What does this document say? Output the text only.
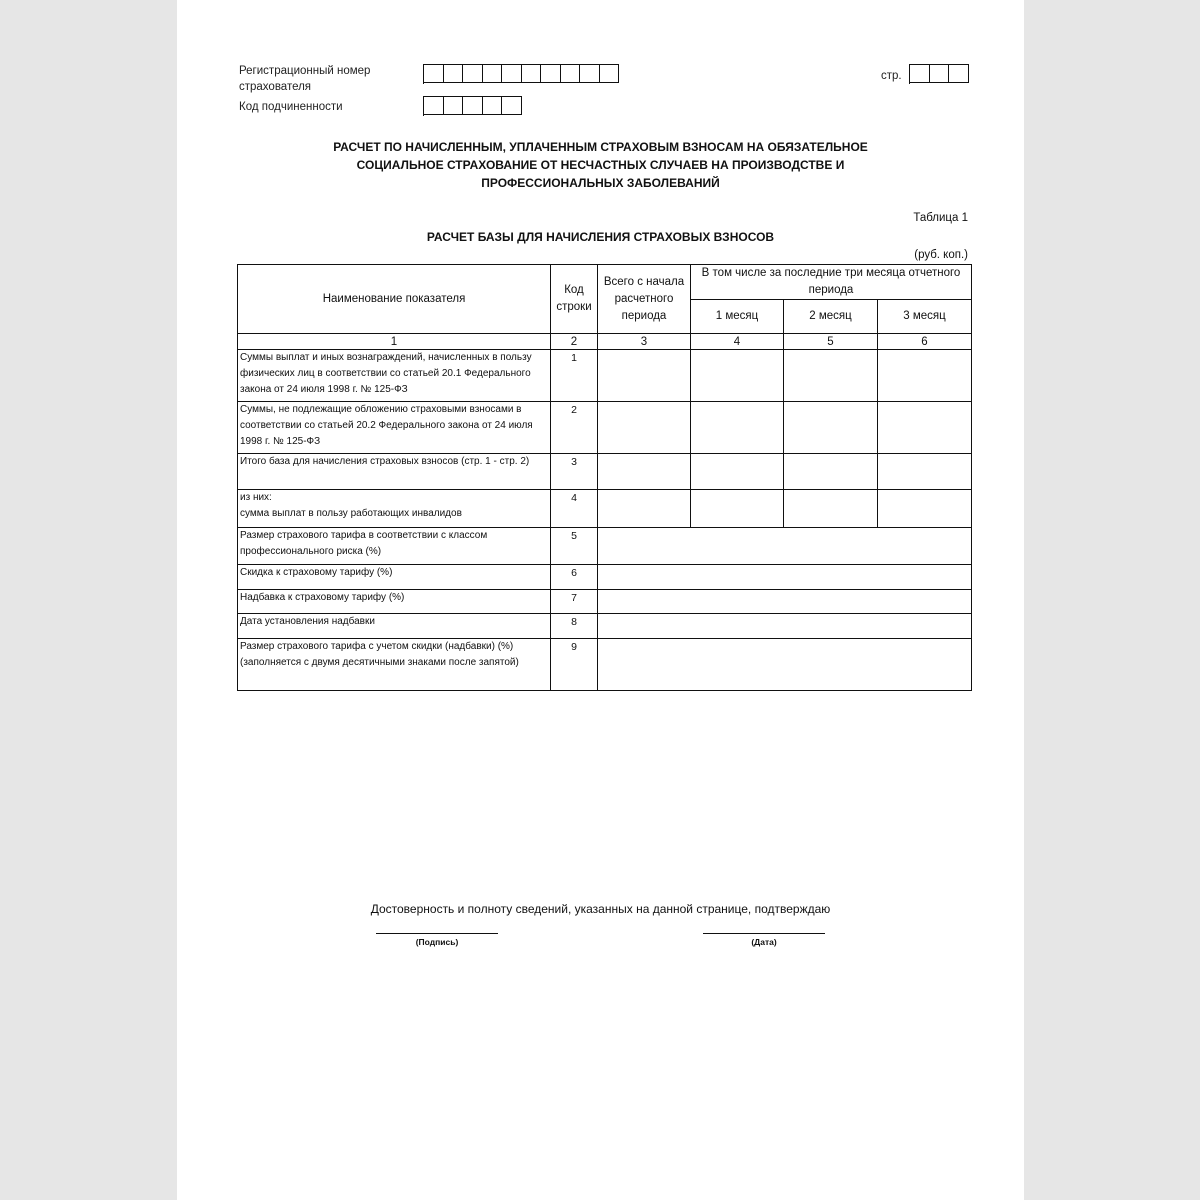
Регистрационный номер страхователя
Код подчиненности
стр.
РАСЧЕТ ПО НАЧИСЛЕННЫМ, УПЛАЧЕННЫМ СТРАХОВЫМ ВЗНОСАМ НА ОБЯЗАТЕЛЬНОЕ
СОЦИАЛЬНОЕ СТРАХОВАНИЕ ОТ НЕСЧАСТНЫХ СЛУЧАЕВ НА ПРОИЗВОДСТВЕ И
ПРОФЕССИОНАЛЬНЫХ ЗАБОЛЕВАНИЙ
Таблица 1
РАСЧЕТ БАЗЫ ДЛЯ НАЧИСЛЕНИЯ СТРАХОВЫХ ВЗНОСОВ
(руб. коп.)
Наименование показателя	Код строки	Всего с начала расчетного периода	В том числе за последние три месяца отчетного периода		
			1 месяц	2 месяц	3 месяц
1	2	3	4	5	6
Суммы выплат и иных вознаграждений, начисленных в пользу физических лиц в соответствии со статьей 20.1 Федерального закона от 24 июля 1998 г. № 125-ФЗ	1				
Суммы, не подлежащие обложению страховыми взносами в соответствии со статьей 20.2 Федерального закона от 24 июля 1998 г. № 125-ФЗ	2				
Итого база для начисления страховых взносов (стр. 1 - стр. 2)	3				

из них:
сумма выплат в пользу работающих инвалидов	4				
Размер страхового тарифа в соответствии с классом профессионального риска (%)	5				
Скидка к страховому тарифу (%)	6				
Надбавка к страховому тарифу (%)	7				
Дата установления надбавки	8				
Размер страхового тарифа с учетом скидки (надбавки) (%) (заполняется с двумя десятичными знаками после запятой)	9				
Достоверность и полноту сведений, указанных на данной странице, подтверждаю
(Подпись)	(Дата)
